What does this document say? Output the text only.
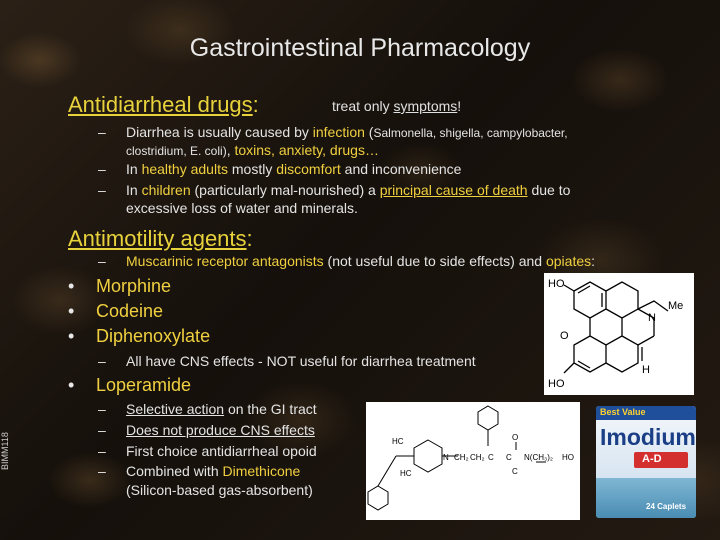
Gastrointestinal Pharmacology
BIMM118
Antidiarrheal drugs:	treat only symptoms!
– Diarrhea is usually caused by infection (Salmonella, shigella, campylobacter,
clostridium, E. coli), toxins, anxiety, drugs…
– In healthy adults mostly discomfort and inconvenience
– In children (particularly mal-nourished) a principal cause of death due to
excessive loss of water and minerals.
Antimotility agents:
– Muscarinic receptor antagonists (not useful due to side effects) and opiates:
• Morphine
• Codeine
• Diphenoxylate
– All have CNS effects - NOT useful for diarrhea treatment
• Loperamide
– Selective action on the GI tract
– Does not produce CNS effects
– First choice antidiarrheal opoid
– Combined with Dimethicone
(Silicon-based gas-absorbent)
HO
Me
N
O
H
HO
HC
HC
N CH₂ CH₂ C C N(CH₃)₂
O
C
HO
Best Value
Imodium
A-D
24 Caplets
